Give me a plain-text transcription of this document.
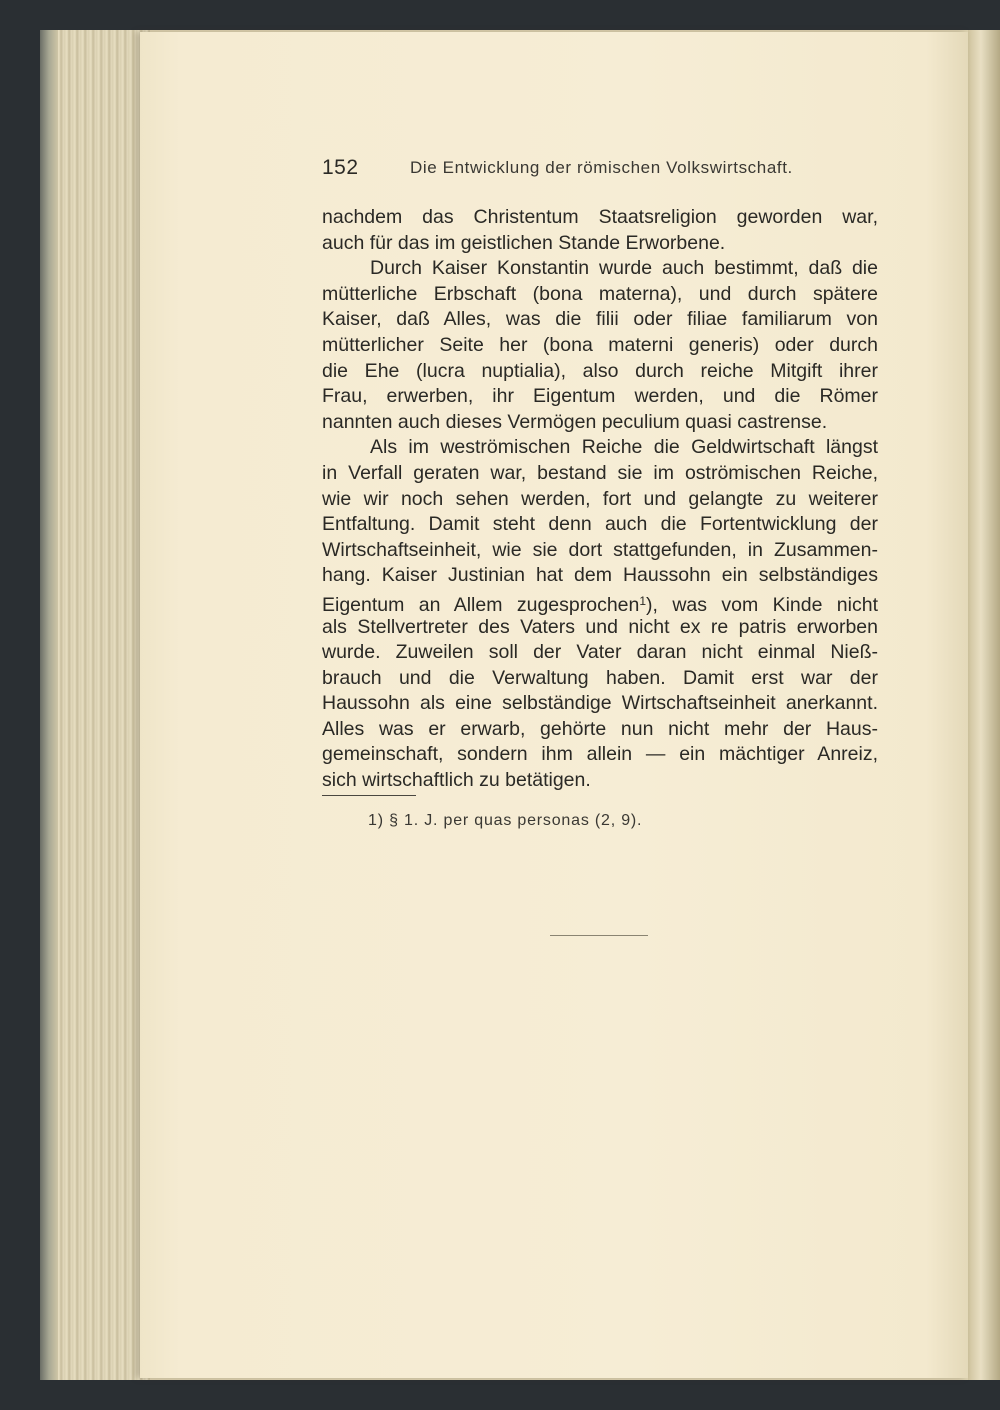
152	Die Entwicklung der römischen Volkswirtschaft.
nachdem das Christentum Staatsreligion geworden war,
auch für das im geistlichen Stande Erworbene.
Durch Kaiser Konstantin wurde auch bestimmt, daß die
mütterliche Erbschaft (bona materna), und durch spätere
Kaiser, daß Alles, was die filii oder filiae familiarum von
mütterlicher Seite her (bona materni generis) oder durch
die Ehe (lucra nuptialia), also durch reiche Mitgift ihrer
Frau, erwerben, ihr Eigentum werden, und die Römer
nannten auch dieses Vermögen peculium quasi castrense.
Als im weströmischen Reiche die Geldwirtschaft längst
in Verfall geraten war, bestand sie im oströmischen Reiche,
wie wir noch sehen werden, fort und gelangte zu weiterer
Entfaltung. Damit steht denn auch die Fortentwicklung der
Wirtschaftseinheit, wie sie dort stattgefunden, in Zusammen-
hang. Kaiser Justinian hat dem Haussohn ein selbständiges
Eigentum an Allem zugesprochen$^1$), was vom Kinde nicht
als Stellvertreter des Vaters und nicht ex re patris erworben
wurde. Zuweilen soll der Vater daran nicht einmal Nieß-
brauch und die Verwaltung haben. Damit erst war der
Haussohn als eine selbständige Wirtschaftseinheit anerkannt.
Alles was er erwarb, gehörte nun nicht mehr der Haus-
gemeinschaft, sondern ihm allein — ein mächtiger Anreiz,
sich wirtschaftlich zu betätigen.
1) § 1. J. per quas personas (2, 9).
